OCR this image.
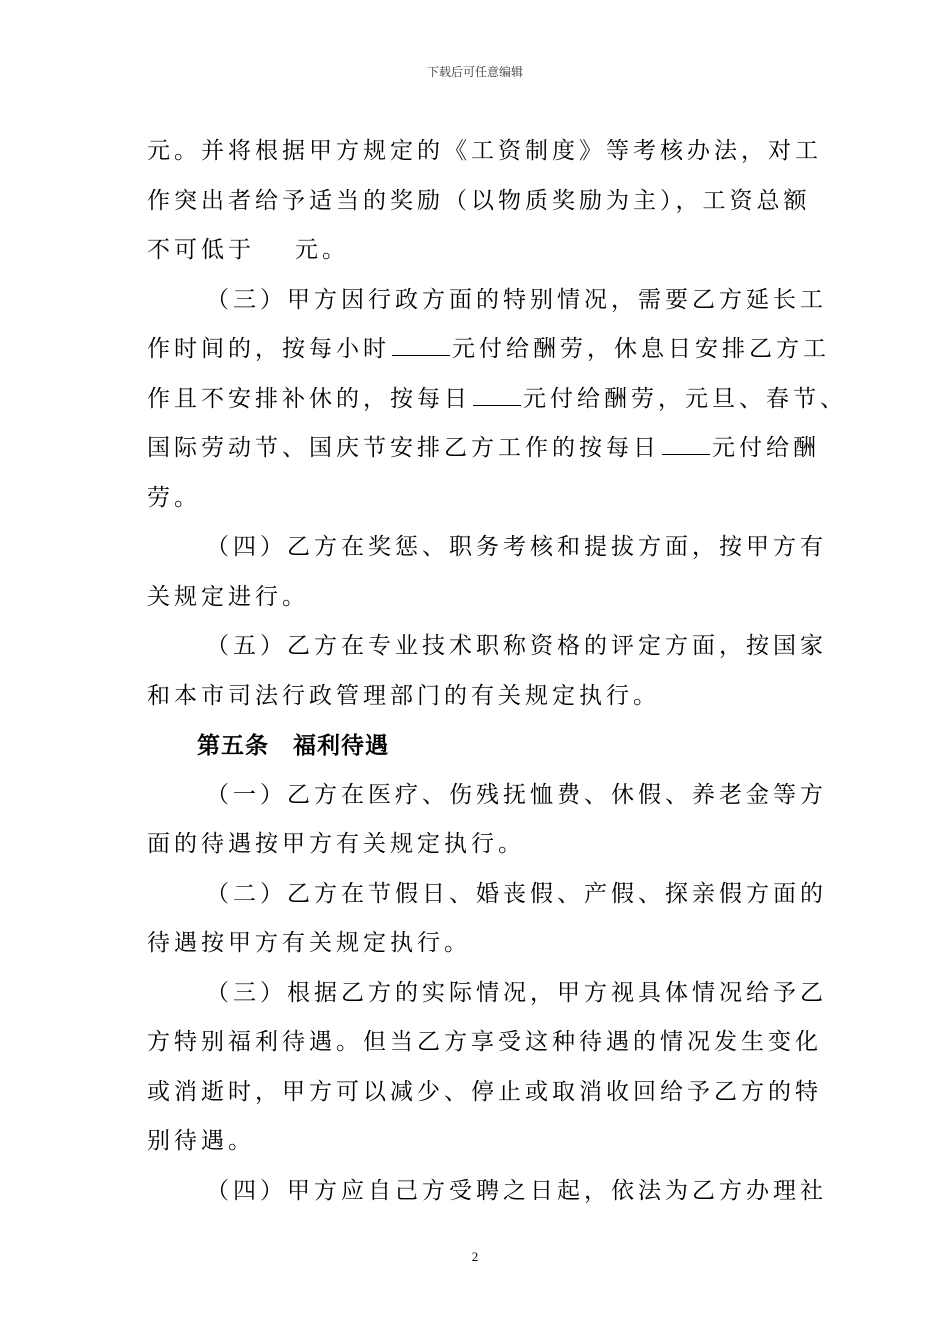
下载后可任意编辑
元。并将根据甲方规定的《工资制度》等考核办法，对工
作突出者给予适当的奖励（以物质奖励为主），工资总额
不可低于 元。
（三）甲方因行政方面的特别情况，需要乙方延长工
作时间的，按每小时	元付给酬劳，休息日安排乙方工
作且不安排补休的，按每日 元付给酬劳，元旦、春节、
国际劳动节、国庆节安排乙方工作的按每日 元付给酬
劳。
（四）乙方在奖惩、职务考核和提拔方面，按甲方有
关规定进行。
（五）乙方在专业技术职称资格的评定方面，按国家
和本市司法行政管理部门的有关规定执行。
第五条 福利待遇
（一）乙方在医疗、伤残抚恤费、休假、养老金等方
面的待遇按甲方有关规定执行。
（二）乙方在节假日、婚丧假、产假、探亲假方面的
待遇按甲方有关规定执行。
（三）根据乙方的实际情况，甲方视具体情况给予乙
方特别福利待遇。但当乙方享受这种待遇的情况发生变化
或消逝时，甲方可以减少、停止或取消收回给予乙方的特
别待遇。
（四）甲方应自己方受聘之日起，依法为乙方办理社
2
